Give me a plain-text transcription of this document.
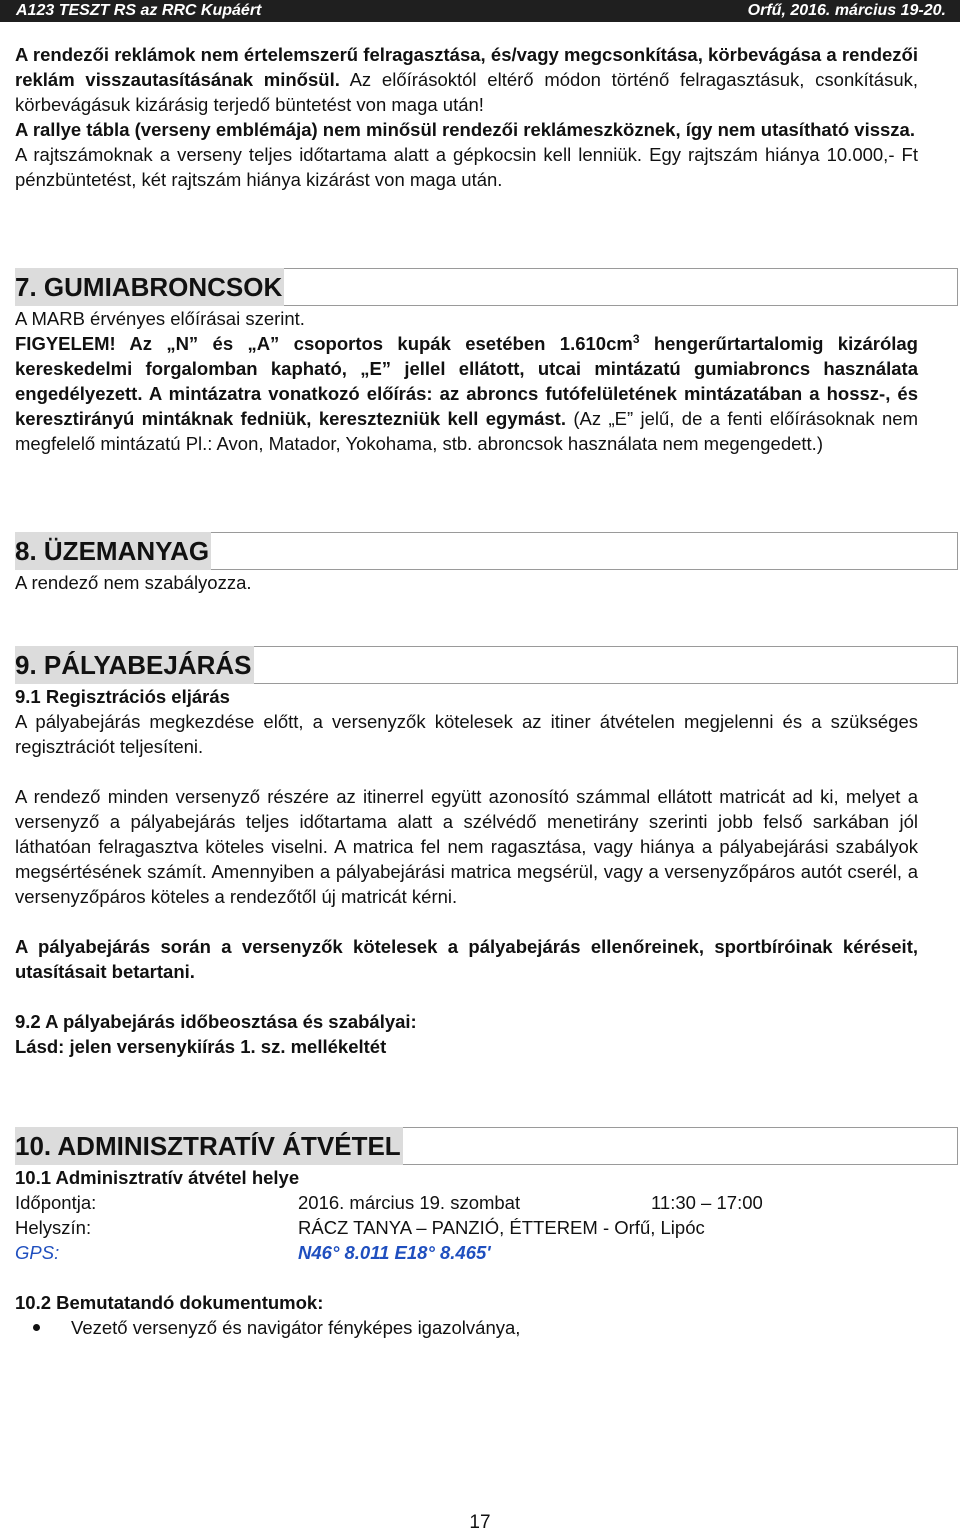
A123 TESZT RS az RRC Kupáért	Orfű, 2016. március 19-20.

A rendezői reklámok nem értelemszerű felragasztása, és/vagy megcsonkítása, körbevágása a rendezői reklám visszautasításának minősül. Az előírásoktól eltérő módon történő felragasztásuk, csonkításuk, körbevágásuk kizárásig terjedő büntetést von maga után!

A rallye tábla (verseny emblémája) nem minősül rendezői reklámeszköznek, így nem utasítható vissza.

A rajtszámoknak a verseny teljes időtartama alatt a gépkocsin kell lenniük. Egy rajtszám hiánya 10.000,- Ft pénzbüntetést, két rajtszám hiánya kizárást von maga után.

7. GUMIABRONCSOK

A MARB érvényes előírásai szerint.

FIGYELEM! Az „N” és „A” csoportos kupák esetében $1.610cm^3$ hengerűrtartalomig kizárólag kereskedelmi forgalomban kapható, „E” jellel ellátott, utcai mintázatú gumiabroncs használata engedélyezett. A mintázatra vonatkozó előírás: az abroncs futófelületének mintázatában a hossz-, és keresztirányú mintáknak fedniük, keresztezniük kell egymást. (Az „E” jelű, de a fenti előírásoknak nem megfelelő mintázatú Pl.: Avon, Matador, Yokohama, stb. abroncsok használata nem megengedett.)

8. ÜZEMANYAG

A rendező nem szabályozza.

9. PÁLYABEJÁRÁS

9.1 Regisztrációs eljárás

A pályabejárás megkezdése előtt, a versenyzők kötelesek az itiner átvételen megjelenni és a szükséges regisztrációt teljesíteni.

A rendező minden versenyző részére az itinerrel együtt azonosító számmal ellátott matricát ad ki, melyet a versenyző a pályabejárás teljes időtartama alatt a szélvédő menetirány szerinti jobb felső sarkában jól láthatóan felragasztva köteles viselni. A matrica fel nem ragasztása, vagy hiánya a pályabejárási szabályok megsértésének számít. Amennyiben a pályabejárási matrica megsérül, vagy a versenyzőpáros autót cserél, a versenyzőpáros köteles a rendezőtől új matricát kérni.

A pályabejárás során a versenyzők kötelesek a pályabejárás ellenőreinek, sportbíróinak kéréseit, utasításait betartani.

9.2 A pályabejárás időbeosztása és szabályai:

Lásd: jelen versenykiírás 1. sz. mellékeltét

10. ADMINISZTRATÍV ÁTVÉTEL

10.1 Adminisztratív átvétel helye

Időpontja:	2016. március 19. szombat	11:30 – 17:00
Helyszín:	RÁCZ TANYA – PANZIÓ, ÉTTEREM - Orfű, Lipóc
GPS:	N46° 8.011 E18° 8.465'

10.2 Bemutatandó dokumentumok:

Vezető versenyző és navigátor fényképes igazolványa,
17
